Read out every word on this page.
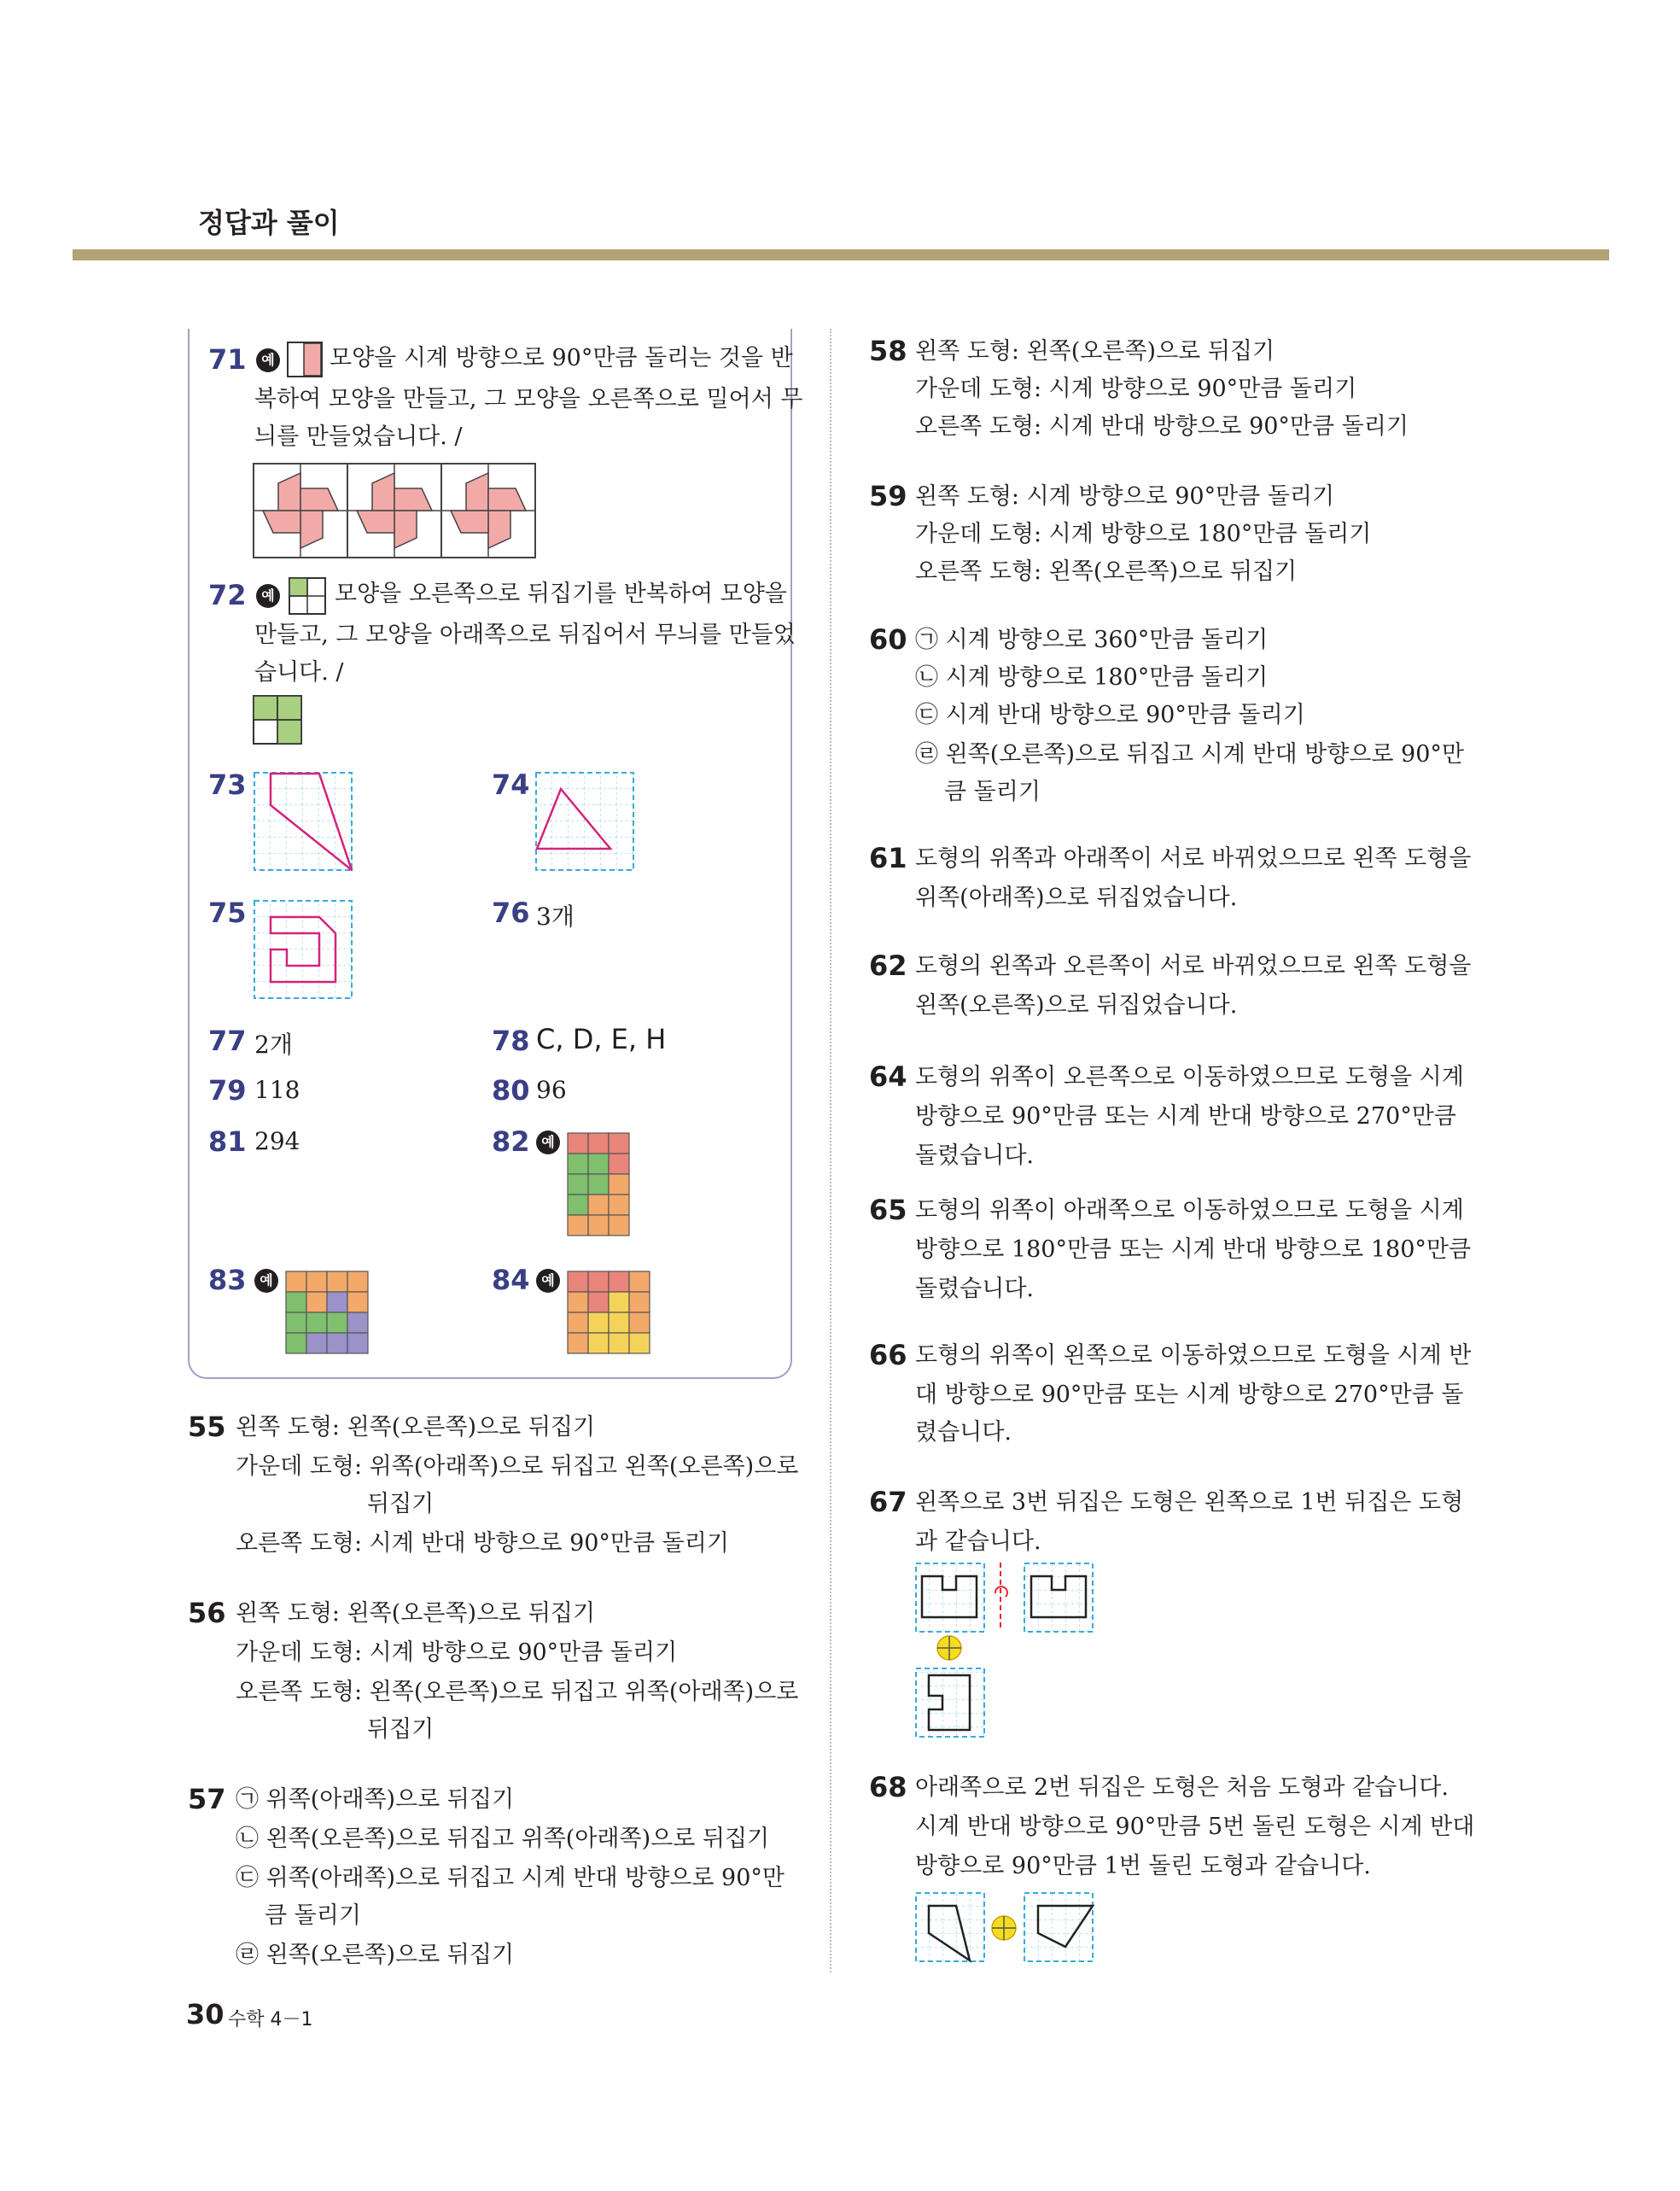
정답과 풀이
71	예 모양을 시계 방향으로 90°만큼 돌리는 것을 반
복하여 모양을 만들고, 그 모양을 오른쪽으로 밀어서 무
늬를 만들었습니다. /
72	예	모양을 오른쪽으로 뒤집기를 반복하여 모양을
만들고, 그 모양을 아래쪽으로 뒤집어서 무늬를 만들었
습니다. /
73	74
75	76 3개
77 2개	78 C, D, E, H
79 118	80 96
81 294	82 예
83 예	84 예
55 왼쪽 도형: 왼쪽(오른쪽)으로 뒤집기
가운데 도형: 위쪽(아래쪽)으로 뒤집고 왼쪽(오른쪽)으로
뒤집기
오른쪽 도형: 시계 반대 방향으로 90°만큼 돌리기
56 왼쪽 도형: 왼쪽(오른쪽)으로 뒤집기
가운데 도형: 시계 방향으로 90°만큼 돌리기
오른쪽 도형: 왼쪽(오른쪽)으로 뒤집고 위쪽(아래쪽)으로
뒤집기
57 ㉠ 위쪽(아래쪽)으로 뒤집기
㉡ 왼쪽(오른쪽)으로 뒤집고 위쪽(아래쪽)으로 뒤집기
㉢ 위쪽(아래쪽)으로 뒤집고 시계 반대 방향으로 90°만
큼 돌리기
㉣ 왼쪽(오른쪽)으로 뒤집기
58 왼쪽 도형: 왼쪽(오른쪽)으로 뒤집기
가운데 도형: 시계 방향으로 90°만큼 돌리기
오른쪽 도형: 시계 반대 방향으로 90°만큼 돌리기
59 왼쪽 도형: 시계 방향으로 90°만큼 돌리기
가운데 도형: 시계 방향으로 180°만큼 돌리기
오른쪽 도형: 왼쪽(오른쪽)으로 뒤집기
60 ㉠ 시계 방향으로 360°만큼 돌리기
㉡ 시계 방향으로 180°만큼 돌리기
㉢ 시계 반대 방향으로 90°만큼 돌리기
㉣ 왼쪽(오른쪽)으로 뒤집고 시계 반대 방향으로 90°만
큼 돌리기
61 도형의 위쪽과 아래쪽이 서로 바뀌었으므로 왼쪽 도형을
위쪽(아래쪽)으로 뒤집었습니다.
62 도형의 왼쪽과 오른쪽이 서로 바뀌었으므로 왼쪽 도형을
왼쪽(오른쪽)으로 뒤집었습니다.
64 도형의 위쪽이 오른쪽으로 이동하였으므로 도형을 시계
방향으로 90°만큼 또는 시계 반대 방향으로 270°만큼
돌렸습니다.
65 도형의 위쪽이 아래쪽으로 이동하였으므로 도형을 시계
방향으로 180°만큼 또는 시계 반대 방향으로 180°만큼
돌렸습니다.
66 도형의 위쪽이 왼쪽으로 이동하였으므로 도형을 시계 반
대 방향으로 90°만큼 또는 시계 방향으로 270°만큼 돌
렸습니다.
67 왼쪽으로 3번 뒤집은 도형은 왼쪽으로 1번 뒤집은 도형
과 같습니다.
68 아래쪽으로 2번 뒤집은 도형은 처음 도형과 같습니다.
시계 반대 방향으로 90°만큼 5번 돌린 도형은 시계 반대
방향으로 90°만큼 1번 돌린 도형과 같습니다.
30 수학 4－1
